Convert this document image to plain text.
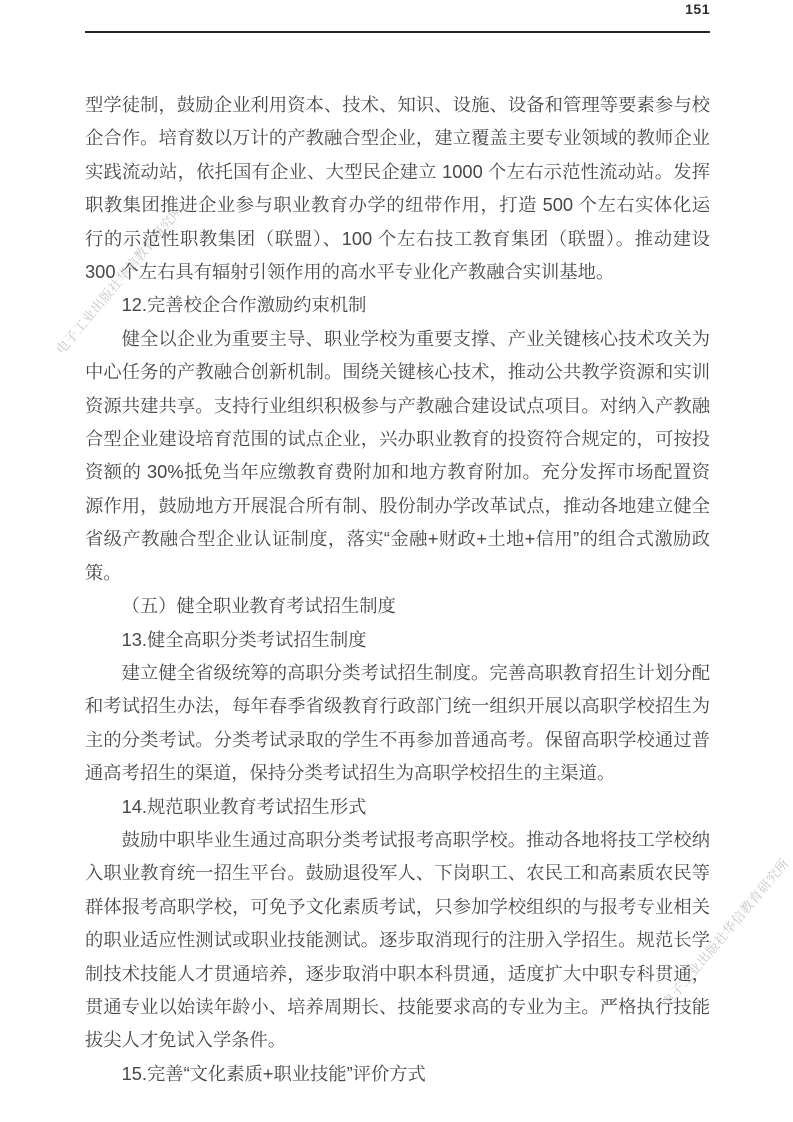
151
电子工业出版社华信教育研究所
电子工业出版社华信教育研究所

型学徒制，鼓励企业利用资本、技术、知识、设施、设备和管理等要素参与校企合作。培育数以万计的产教融合型企业，建立覆盖主要专业领域的教师企业实践流动站，依托国有企业、大型民企建立 1000 个左右示范性流动站。发挥职教集团推进企业参与职业教育办学的纽带作用，打造 500 个左右实体化运行的示范性职教集团（联盟）、100 个左右技工教育集团（联盟）。推动建设 300 个左右具有辐射引领作用的高水平专业化产教融合实训基地。

12.完善校企合作激励约束机制

健全以企业为重要主导、职业学校为重要支撑、产业关键核心技术攻关为中心任务的产教融合创新机制。围绕关键核心技术，推动公共教学资源和实训资源共建共享。支持行业组织积极参与产教融合建设试点项目。对纳入产教融合型企业建设培育范围的试点企业，兴办职业教育的投资符合规定的，可按投资额的 30%抵免当年应缴教育费附加和地方教育附加。充分发挥市场配置资源作用，鼓励地方开展混合所有制、股份制办学改革试点，推动各地建立健全省级产教融合型企业认证制度，落实“金融+财政+土地+信用”的组合式激励政策。

（五）健全职业教育考试招生制度

13.健全高职分类考试招生制度

建立健全省级统筹的高职分类考试招生制度。完善高职教育招生计划分配和考试招生办法，每年春季省级教育行政部门统一组织开展以高职学校招生为主的分类考试。分类考试录取的学生不再参加普通高考。保留高职学校通过普通高考招生的渠道，保持分类考试招生为高职学校招生的主渠道。

14.规范职业教育考试招生形式

鼓励中职毕业生通过高职分类考试报考高职学校。推动各地将技工学校纳入职业教育统一招生平台。鼓励退役军人、下岗职工、农民工和高素质农民等群体报考高职学校，可免予文化素质考试，只参加学校组织的与报考专业相关的职业适应性测试或职业技能测试。逐步取消现行的注册入学招生。规范长学制技术技能人才贯通培养，逐步取消中职本科贯通，适度扩大中职专科贯通，贯通专业以始读年龄小、培养周期长、技能要求高的专业为主。严格执行技能拔尖人才免试入学条件。

15.完善“文化素质+职业技能”评价方式
